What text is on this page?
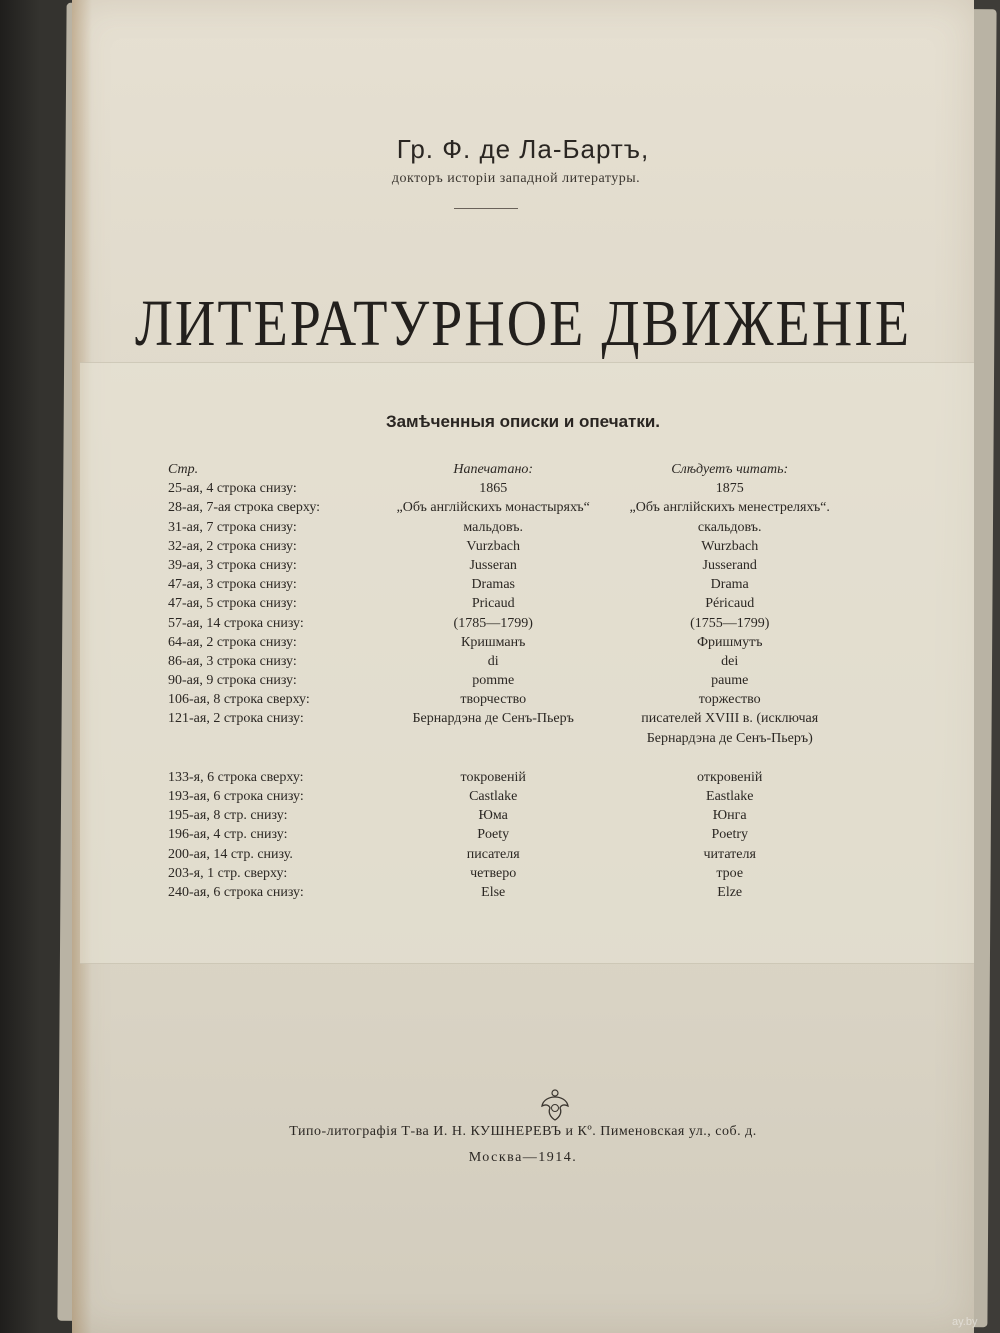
Гр. Ф. де Ла-Бартъ,
докторъ исторіи западной литературы.
ЛИТЕРАТУРНОЕ ДВИЖЕНІЕ
Замѣченныя описки и опечатки.
Стр.	Напечатано:	Слѣдуетъ читать:
25-ая, 4 строка снизу:	1865	1875
28-ая, 7-ая строка сверху:	„Объ англійскихъ монастыряхъ“	„Объ англійскихъ менестреляхъ“.
31-ая, 7 строка снизу:	мальдовъ.	скальдовъ.
32-ая, 2 строка снизу:	Vurzbach	Wurzbach
39-ая, 3 строка снизу:	Jusseran	Jusserand
47-ая, 3 строка снизу:	Dramas	Drama
47-ая, 5 строка снизу:	Pricaud	Péricaud
57-ая, 14 строка снизу:	(1785—1799)	(1755—1799)
64-ая, 2 строка снизу:	Кришманъ	Фришмутъ
86-ая, 3 строка снизу:	di	dei
90-ая, 9 строка снизу:	pomme	paume
106-ая, 8 строка сверху:	творчество	торжество
121-ая, 2 строка снизу:	Бернардэна де Сенъ-Пьеръ	писателей XVIII в. (исключая Бернардэна де Сенъ-Пьеръ)
133-я, 6 строка сверху:	токровеній	откровеній
193-ая, 6 строка снизу:	Castlake	Eastlake
195-ая, 8 стр. снизу:	Юма	Юнга
196-ая, 4 стр. снизу:	Poety	Poetry
200-ая, 14 стр. снизу.	писателя	читателя
203-я, 1 стр. сверху:	четверо	трое
240-ая, 6 строка снизу:	Else	Elze
Типо-литографія Т-ва И. Н. КУШНЕРЕВЪ и Кº. Пименовская ул., соб. д.
Москва—1914.
ay.by
